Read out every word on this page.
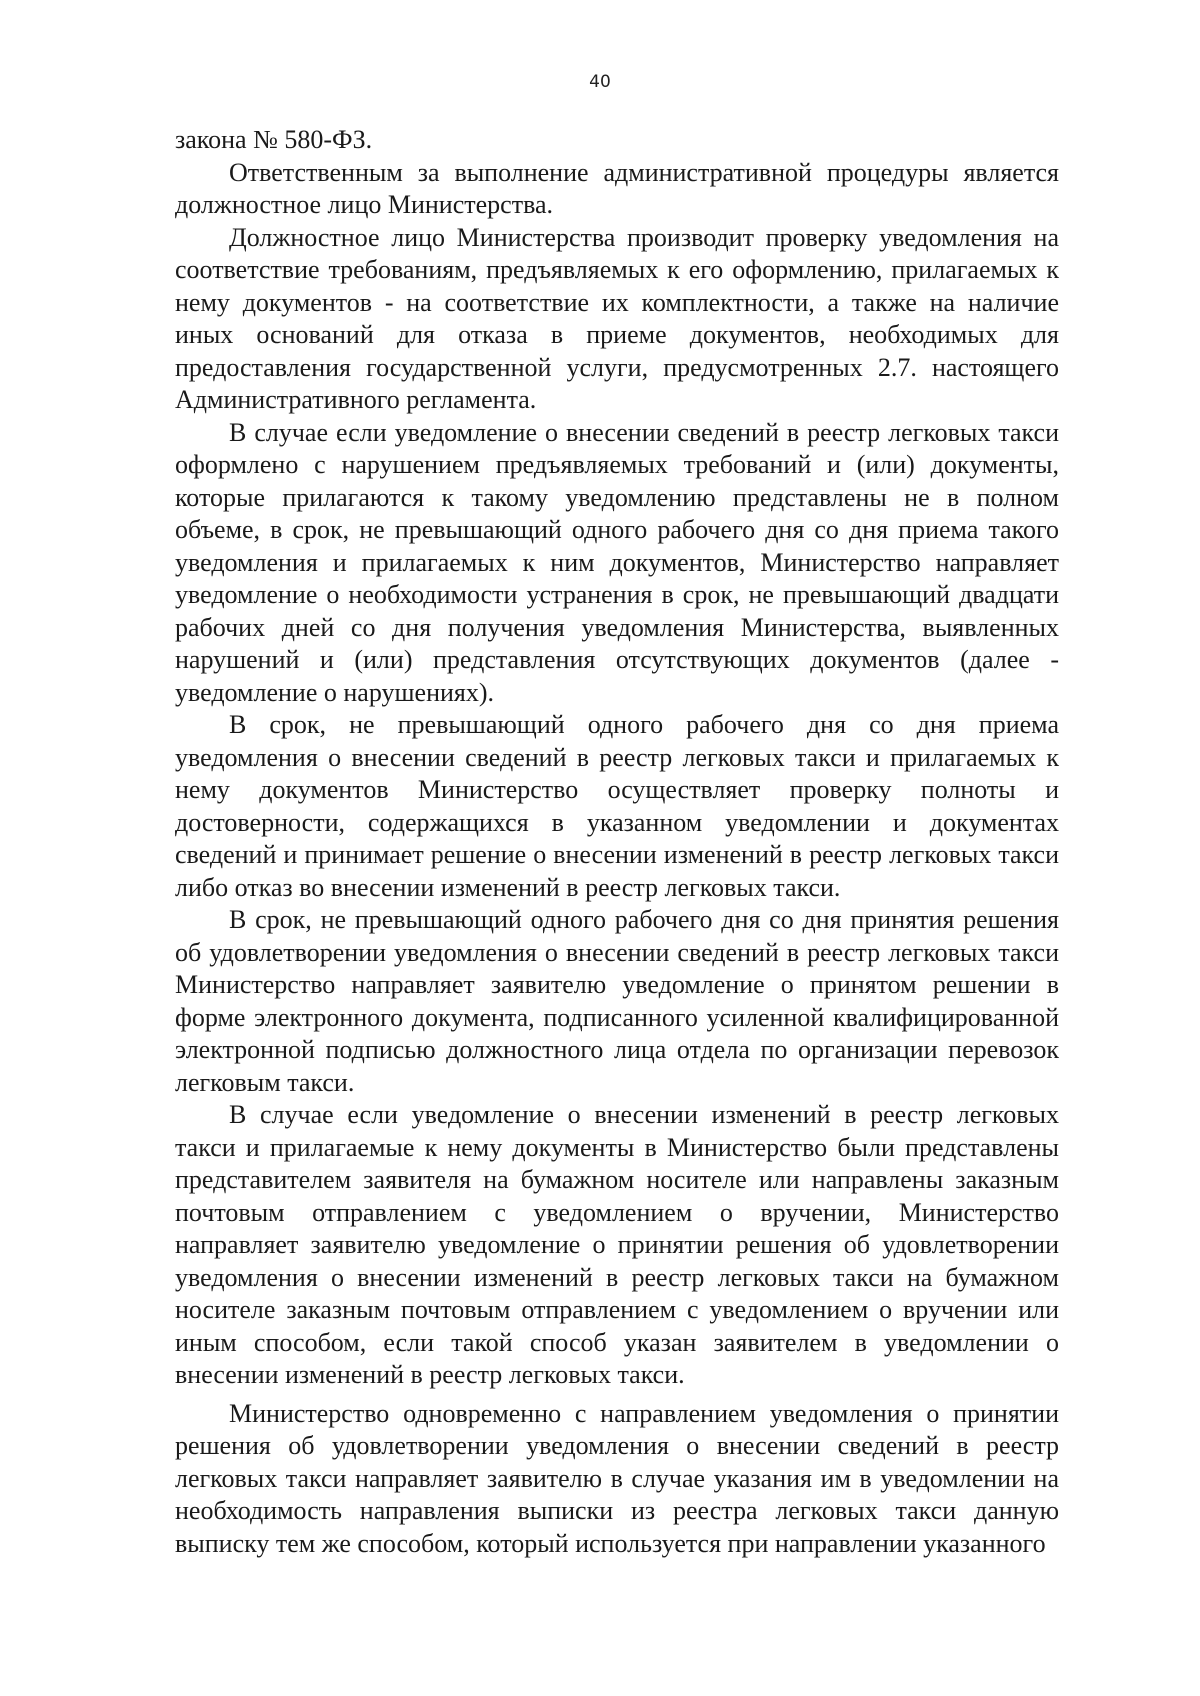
40

закона № 580-ФЗ.

Ответственным за выполнение административной процедуры является должностное лицо Министерства.

Должностное лицо Министерства производит проверку уведомления на соответствие требованиям, предъявляемых к его оформлению, прилагаемых к нему документов - на соответствие их комплектности, а также на наличие иных оснований для отказа в приеме документов, необходимых для предоставления государственной услуги, предусмотренных 2.7. настоящего Административного регламента.

В случае если уведомление о внесении сведений в реестр легковых такси оформлено с нарушением предъявляемых требований и (или) документы, которые прилагаются к такому уведомлению представлены не в полном объеме, в срок, не превышающий одного рабочего дня со дня приема такого уведомления и прилагаемых к ним документов, Министерство направляет уведомление о необходимости устранения в срок, не превышающий двадцати рабочих дней со дня получения уведомления Министерства, выявленных нарушений и (или) представления отсутствующих документов (далее - уведомление о нарушениях).

В срок, не превышающий одного рабочего дня со дня приема уведомления о внесении сведений в реестр легковых такси и прилагаемых к нему документов Министерство осуществляет проверку полноты и достоверности, содержащихся в указанном уведомлении и документах сведений и принимает решение о внесении изменений в реестр легковых такси либо отказ во внесении изменений в реестр легковых такси.

В срок, не превышающий одного рабочего дня со дня принятия решения об удовлетворении уведомления о внесении сведений в реестр легковых такси Министерство направляет заявителю уведомление о принятом решении в форме электронного документа, подписанного усиленной квалифицированной электронной подписью должностного лица отдела по организации перевозок легковым такси.

В случае если уведомление о внесении изменений в реестр легковых такси и прилагаемые к нему документы в Министерство были представлены представителем заявителя на бумажном носителе или направлены заказным почтовым отправлением с уведомлением о вручении, Министерство направляет заявителю уведомление о принятии решения об удовлетворении уведомления о внесении изменений в реестр легковых такси на бумажном носителе заказным почтовым отправлением с уведомлением о вручении или иным способом, если такой способ указан заявителем в уведомлении о внесении изменений в реестр легковых такси.

Министерство одновременно с направлением уведомления о принятии решения об удовлетворении уведомления о внесении сведений в реестр легковых такси направляет заявителю в случае указания им в уведомлении на необходимость направления выписки из реестра легковых такси данную выписку тем же способом, который используется при направлении указанного
